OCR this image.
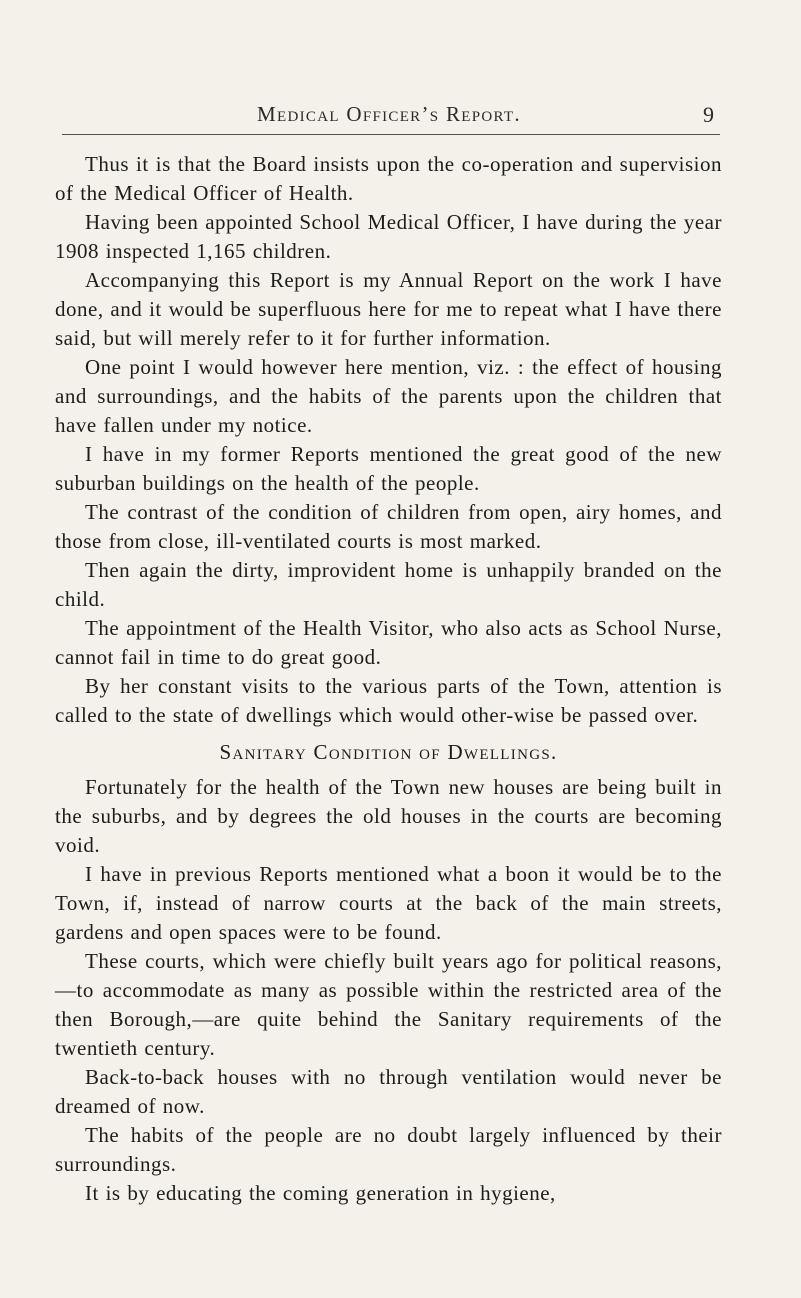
Medical Officer’s Report.	9

Thus it is that the Board insists upon the co-operation and supervision of the Medical Officer of Health.

Having been appointed School Medical Officer, I have during the year 1908 inspected 1,165 children.

Accompanying this Report is my Annual Report on the work I have done, and it would be superfluous here for me to repeat what I have there said, but will merely refer to it for further information.

One point I would however here mention, viz. : the effect of housing and surroundings, and the habits of the parents upon the children that have fallen under my notice.

I have in my former Reports mentioned the great good of the new suburban buildings on the health of the people.

The contrast of the condition of children from open, airy homes, and those from close, ill-ventilated courts is most marked.

Then again the dirty, improvident home is unhappily branded on the child.

The appointment of the Health Visitor, who also acts as School Nurse, cannot fail in time to do great good.

By her constant visits to the various parts of the Town, attention is called to the state of dwellings which would other-wise be passed over.

Sanitary Condition of Dwellings.

Fortunately for the health of the Town new houses are being built in the suburbs, and by degrees the old houses in the courts are becoming void.

I have in previous Reports mentioned what a boon it would be to the Town, if, instead of narrow courts at the back of the main streets, gardens and open spaces were to be found.

These courts, which were chiefly built years ago for political reasons,—to accommodate as many as possible within the restricted area of the then Borough,—are quite behind the Sanitary requirements of the twentieth century.

Back-to-back houses with no through ventilation would never be dreamed of now.

The habits of the people are no doubt largely influenced by their surroundings.

It is by educating the coming generation in hygiene,
